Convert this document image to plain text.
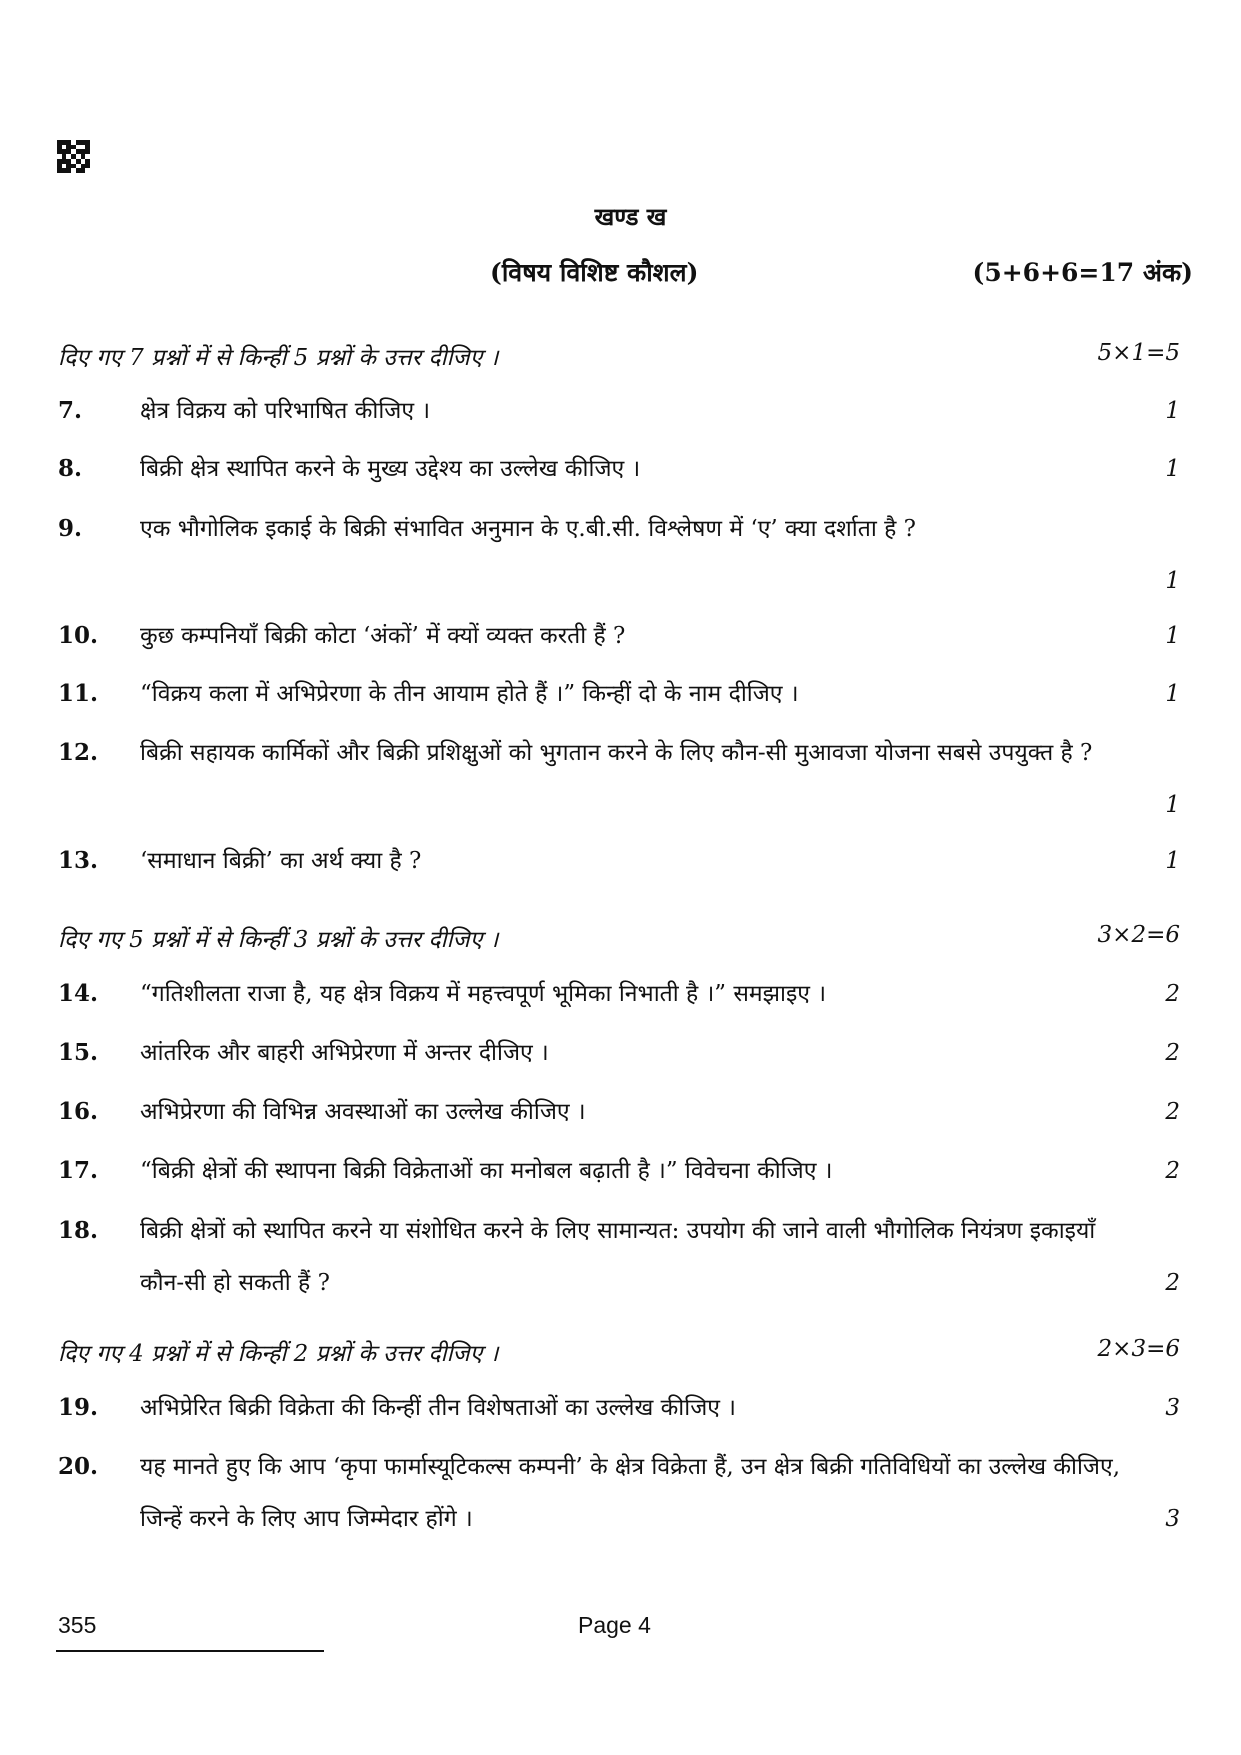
खण्ड ख
(विषय विशिष्ट कौशल)	(5+6+6=17 अंक)
दिए गए 7 प्रश्नों में से किन्हीं 5 प्रश्नों के उत्तर दीजिए ।	5×1=5
7.	क्षेत्र विक्रय को परिभाषित कीजिए ।	1
8.	बिक्री क्षेत्र स्थापित करने के मुख्य उद्देश्य का उल्लेख कीजिए ।	1
9.	एक भौगोलिक इकाई के बिक्री संभावित अनुमान के ए.बी.सी. विश्लेषण में ‘ए’ क्या दर्शाता है ?
1
10. कुछ कम्पनियाँ बिक्री कोटा ‘अंकों’ में क्यों व्यक्त करती हैं ?	1
11. “विक्रय कला में अभिप्रेरणा के तीन आयाम होते हैं ।” किन्हीं दो के नाम दीजिए ।	1
12. बिक्री सहायक कार्मिकों और बिक्री प्रशिक्षुओं को भुगतान करने के लिए कौन-सी मुआवजा योजना सबसे उपयुक्त है ?
1
13. ‘समाधान बिक्री’ का अर्थ क्या है ?	1
दिए गए 5 प्रश्नों में से किन्हीं 3 प्रश्नों के उत्तर दीजिए ।	3×2=6
14. “गतिशीलता राजा है, यह क्षेत्र विक्रय में महत्त्वपूर्ण भूमिका निभाती है ।” समझाइए ।	2
15. आंतरिक और बाहरी अभिप्रेरणा में अन्तर दीजिए ।	2
16. अभिप्रेरणा की विभिन्न अवस्थाओं का उल्लेख कीजिए ।	2
17. “बिक्री क्षेत्रों की स्थापना बिक्री विक्रेताओं का मनोबल बढ़ाती है ।” विवेचना कीजिए ।	2
18. बिक्री क्षेत्रों को स्थापित करने या संशोधित करने के लिए सामान्यत: उपयोग की जाने वाली भौगोलिक नियंत्रण इकाइयाँ कौन-सी हो सकती हैं ?	2
दिए गए 4 प्रश्नों में से किन्हीं 2 प्रश्नों के उत्तर दीजिए ।	2×3=6
19. अभिप्रेरित बिक्री विक्रेता की किन्हीं तीन विशेषताओं का उल्लेख कीजिए ।	3
20. यह मानते हुए कि आप ‘कृपा फार्मास्यूटिकल्स कम्पनी’ के क्षेत्र विक्रेता हैं, उन क्षेत्र बिक्री गतिविधियों का उल्लेख कीजिए, जिन्हें करने के लिए आप जिम्मेदार होंगे ।	3
355	Page 4
